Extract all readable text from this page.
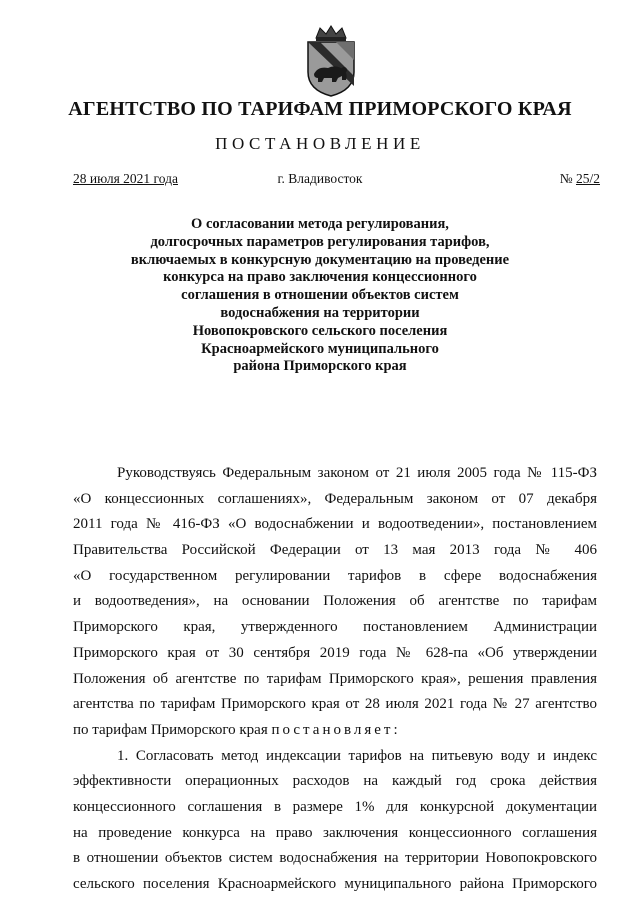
АГЕНТСТВО ПО ТАРИФАМ ПРИМОРСКОГО КРАЯ
ПОСТАНОВЛЕНИЕ
28 июля 2021 года	г. Владивосток	№ 25/2
О согласовании метода регулирования,
долгосрочных параметров регулирования тарифов,
включаемых в конкурсную документацию на проведение
конкурса на право заключения концессионного
соглашения в отношении объектов систем
водоснабжения на территории
Новопокровского сельского поселения
Красноармейского муниципального
района Приморского края
Руководствуясь Федеральным законом от 21 июля 2005 года № 115-ФЗ
«О концессионных соглашениях», Федеральным законом от 07 декабря
2011 года № 416-ФЗ «О водоснабжении и водоотведении», постановлением
Правительства Российской Федерации от 13 мая 2013 года № 406
«О государственном регулировании тарифов в сфере водоснабжения
и водоотведения», на основании Положения об агентстве по тарифам
Приморского края, утвержденного постановлением Администрации
Приморского края от 30 сентября 2019 года № 628-па «Об утверждении
Положения об агентстве по тарифам Приморского края», решения правления
агентства по тарифам Приморского края от 28 июля 2021 года № 27 агентство
по тарифам Приморского края постановляет:
1. Согласовать метод индексации тарифов на питьевую воду и индекс
эффективности операционных расходов на каждый год срока действия
концессионного соглашения в размере 1% для конкурсной документации
на проведение конкурса на право заключения концессионного соглашения
в отношении объектов систем водоснабжения на территории Новопокровского
сельского поселения Красноармейского муниципального района Приморского
